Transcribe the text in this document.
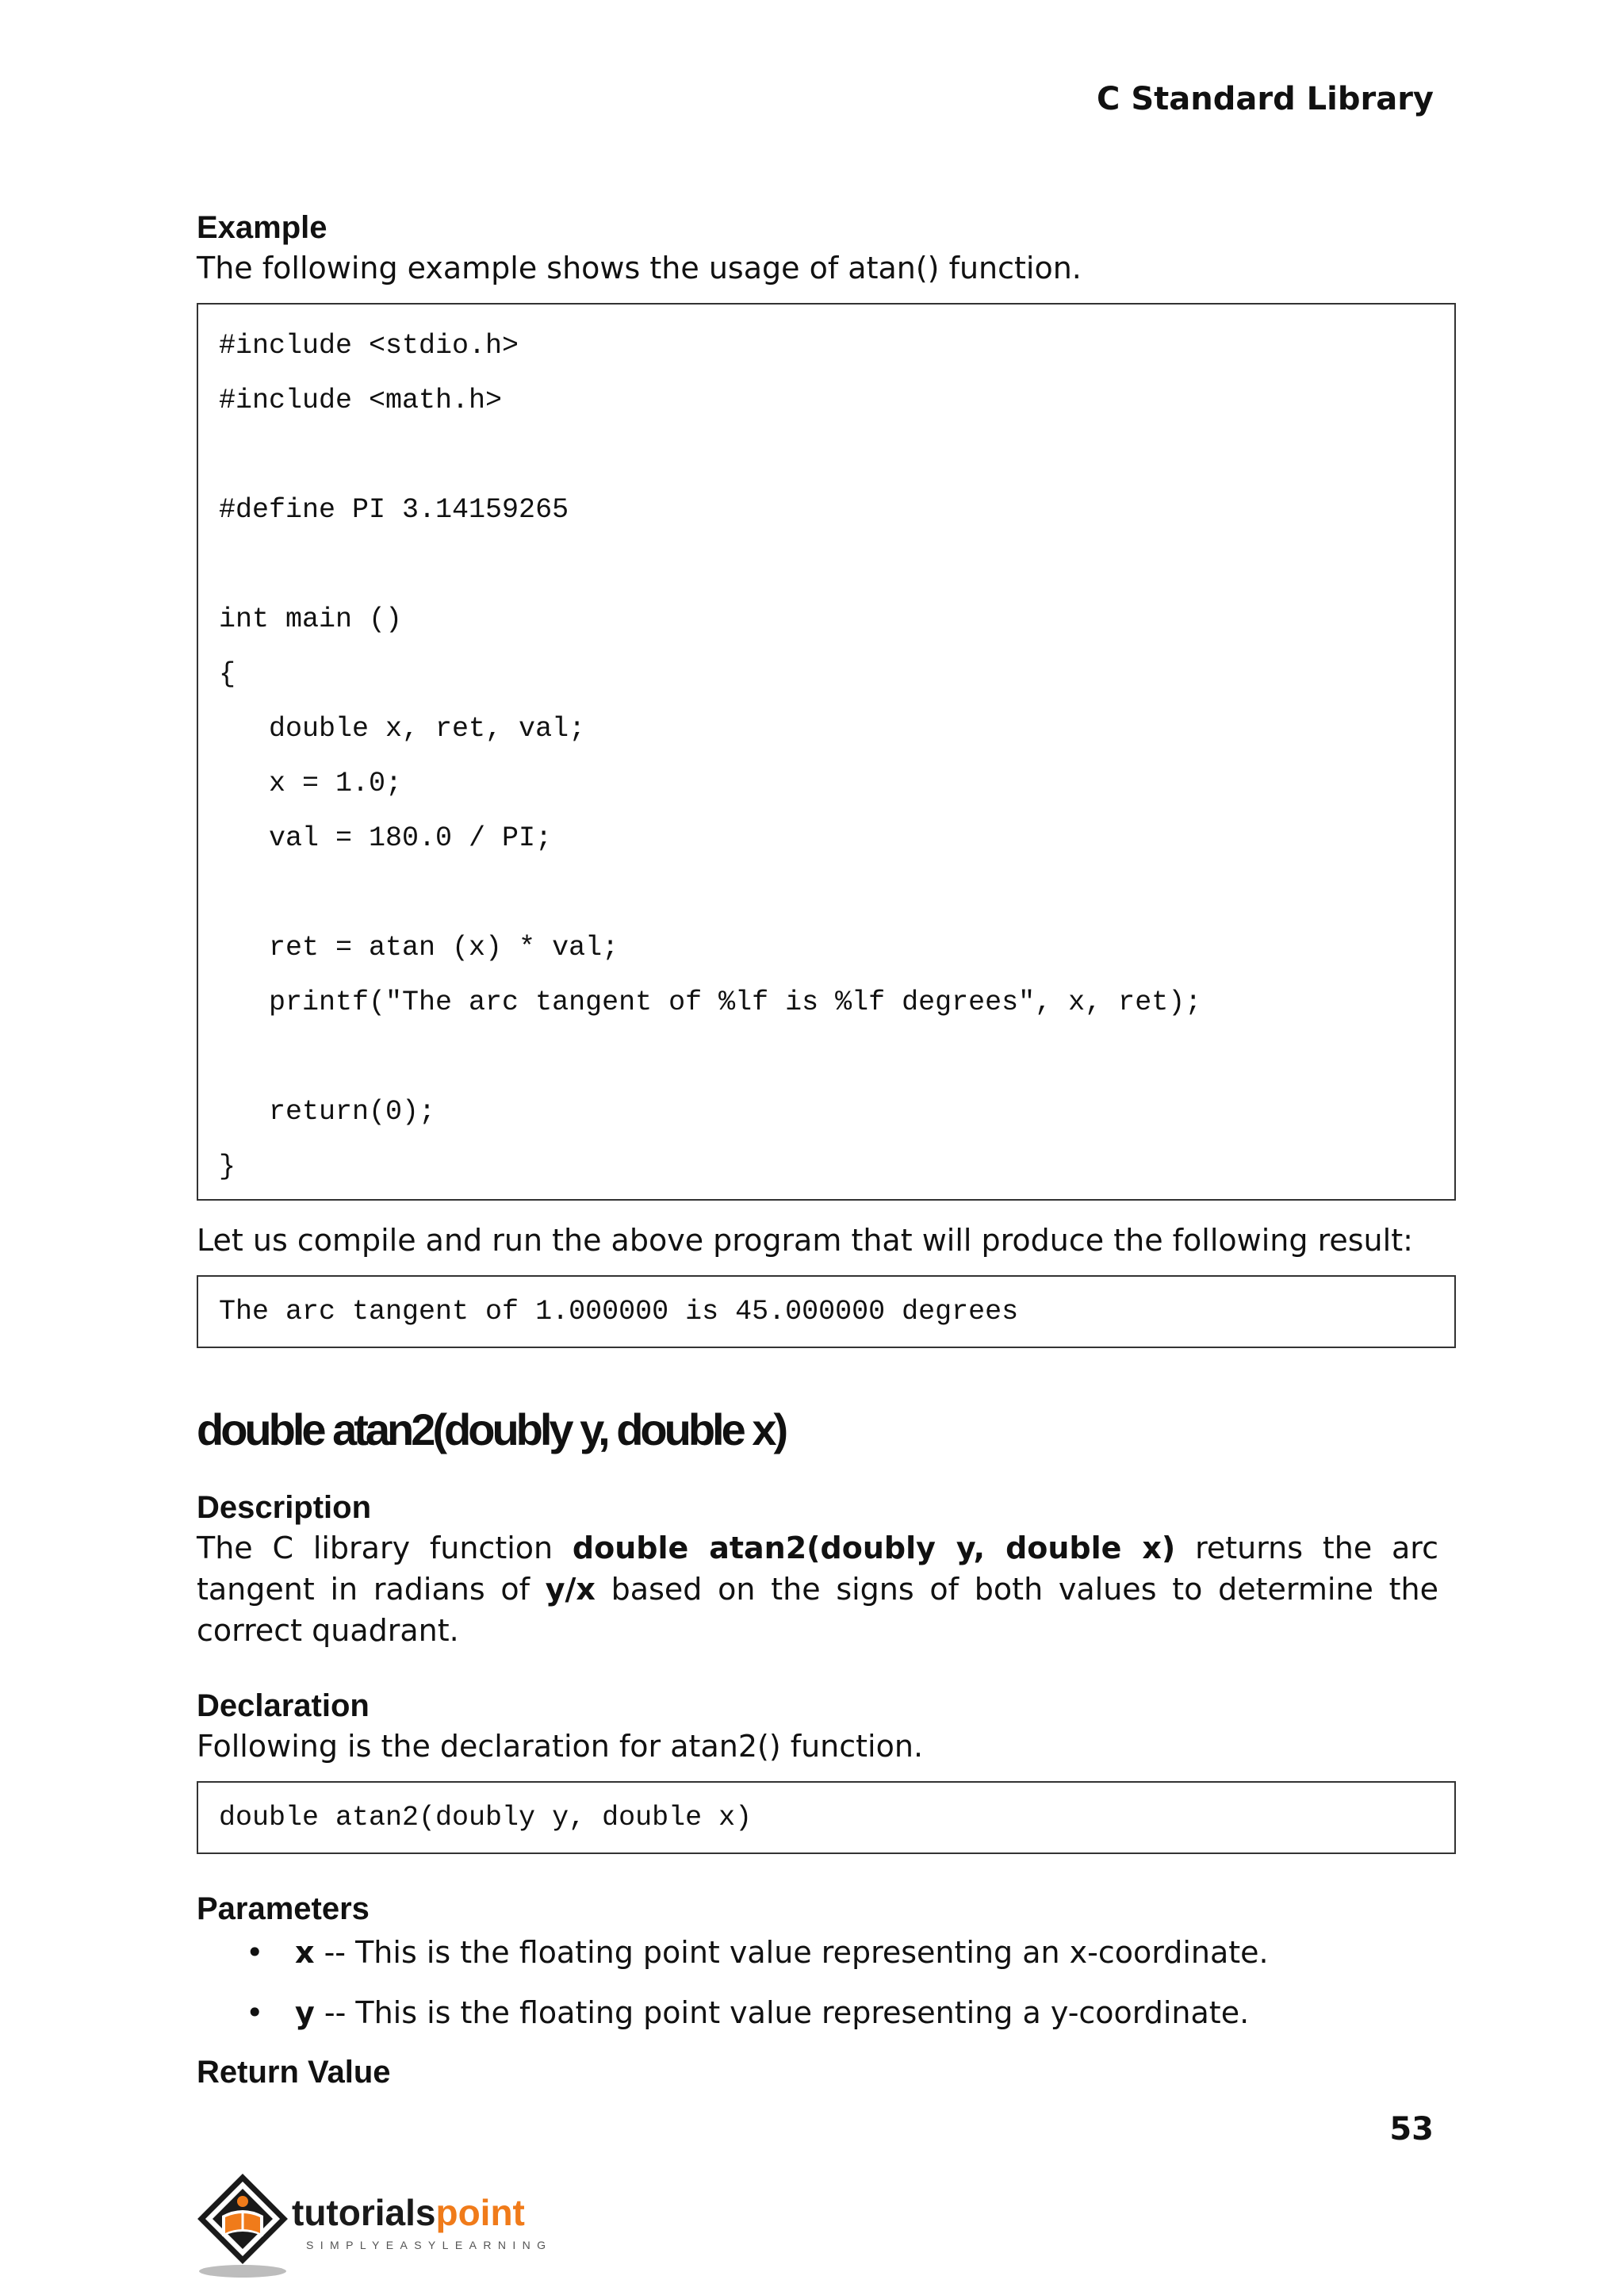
C Standard Library

Example

The following example shows the usage of atan() function.

#include <stdio.h>
#include <math.h>
#define PI 3.14159265
int main ()
{
double x, ret, val;
x = 1.0;
val = 180.0 / PI;
ret = atan (x) * val;
printf("The arc tangent of %lf is %lf degrees", x, ret);
return(0);
}

Let us compile and run the above program that will produce the following result:

The arc tangent of 1.000000 is 45.000000 degrees
double atan2(doubly y, double x)

Description

The C library function double atan2(doubly y, double x) returns the arc tangent in radians of y/x based on the signs of both values to determine the correct quadrant.

Declaration

Following is the declaration for atan2() function.

double atan2(doubly y, double x)

Parameters

• x -- This is the floating point value representing an x-coordinate.
• y -- This is the floating point value representing a y-coordinate.

Return Value

53
tutorialspoint
SIMPLYEASYLEARNING
